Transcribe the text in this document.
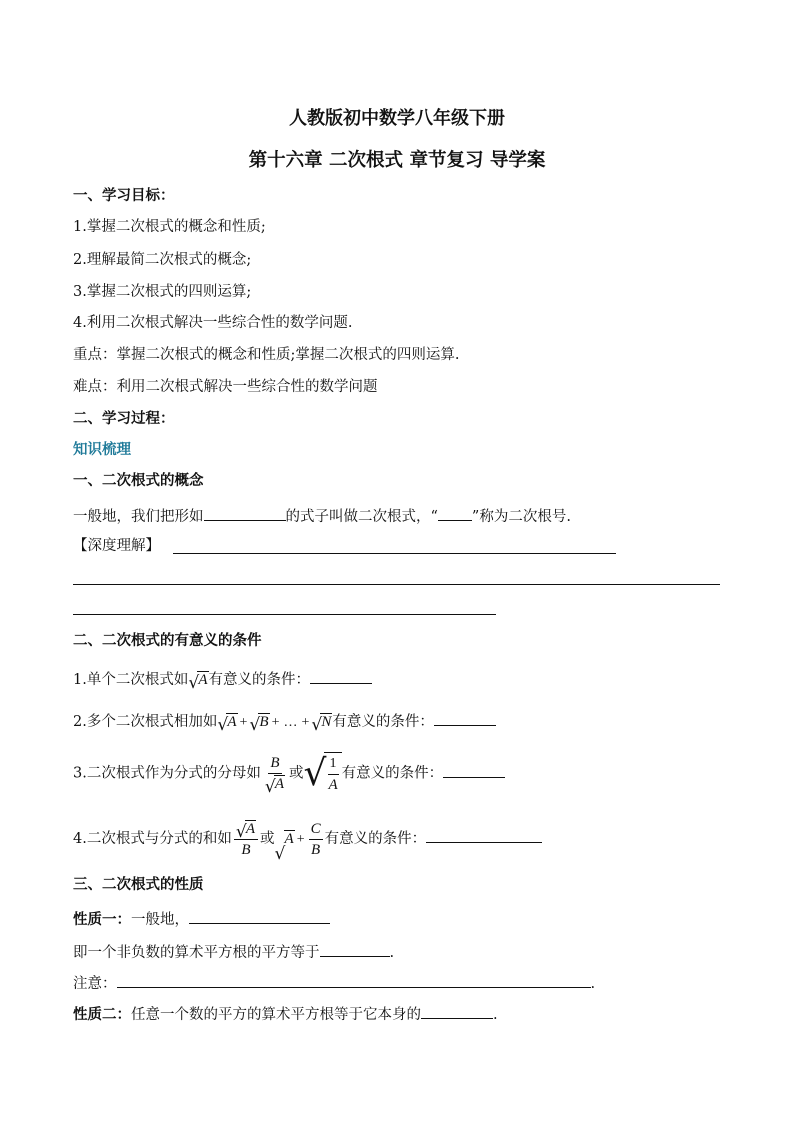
人教版初中数学八年级下册
第十六章 二次根式 章节复习 导学案
一、学习目标：
1.掌握二次根式的概念和性质;
2.理解最简二次根式的概念;
3.掌握二次根式的四则运算;
4.利用二次根式解决一些综合性的数学问题.
重点：掌握二次根式的概念和性质;掌握二次根式的四则运算.
难点：利用二次根式解决一些综合性的数学问题
二、学习过程：
知识梳理
一、二次根式的概念
一般地，我们把形如	的式子叫做二次根式，“ ”称为二次根号.
【深度理解】
二、二次根式的有意义的条件
1.单个二次根式如 √ A有意义的条件：
2.多个二次根式相加如 √ A + √ B + … + √ N有意义的条件：
3.二次根式作为分式的分母如 $\frac{B}{√ A}$ 或 √ $\frac{1}{A}$ 有意义的条件：
4.二次根式与分式的和如 $\frac{√ A}{B}$ 或
√
$A + \frac{C}{B}$ 有意义的条件：
三、二次根式的性质
性质一：一般地，
即一个非负数的算术平方根的平方等于	.
注意：	.
性质二：任意一个数的平方的算术平方根等于它本身的	.
